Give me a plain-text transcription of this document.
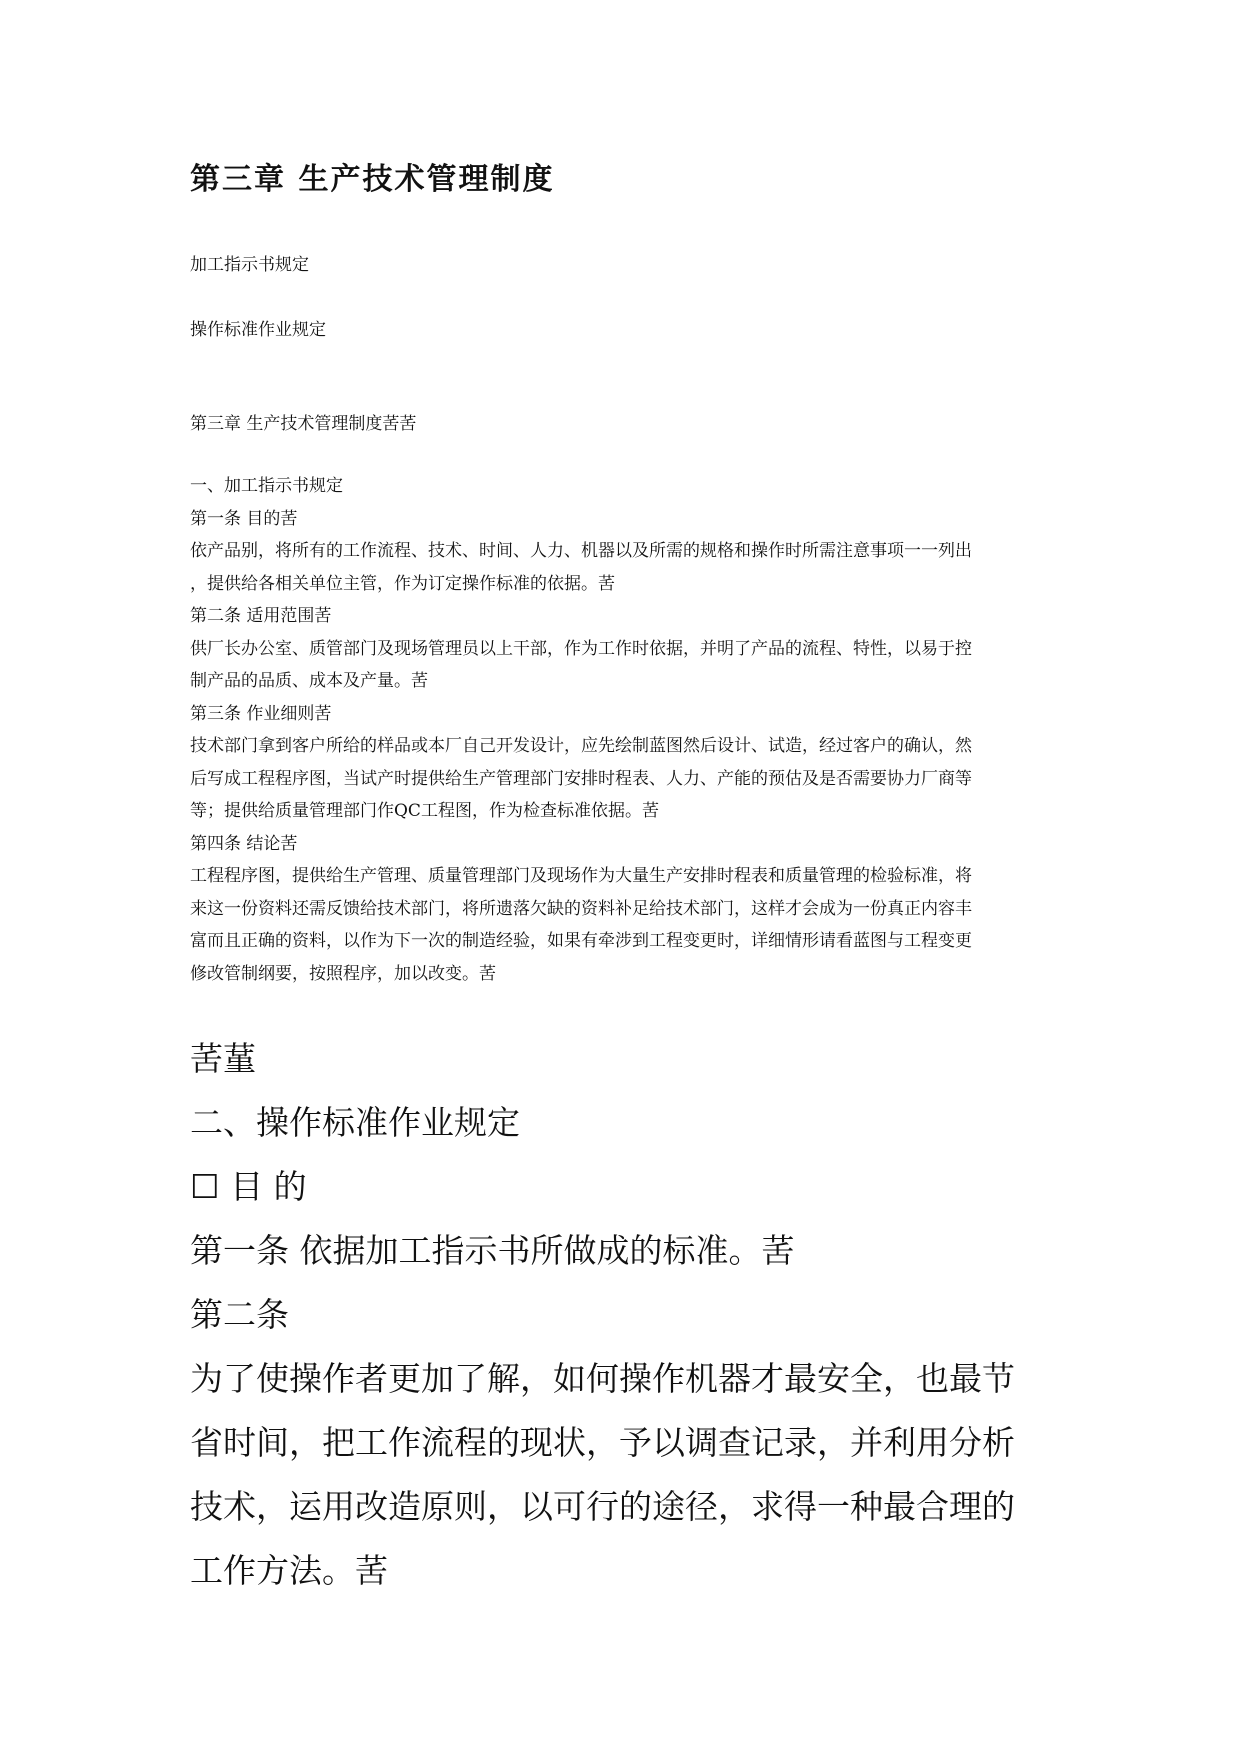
第三章 生产技术管理制度
加工指示书规定
操作标准作业规定
第三章 生产技术管理制度䒷䒷

一、加工指示书规定

第一条 目的䒷

依产品别，将所有的工作流程、技术、时间、人力、机器以及所需的规格和操作时所需注意事项一一列出

，提供给各相关单位主管，作为订定操作标准的依据。䒷

第二条 适用范围䒷

供厂长办公室、质管部门及现场管理员以上干部，作为工作时依据，并明了产品的流程、特性，以易于控

制产品的品质、成本及产量。䒷

第三条 作业细则䒷

技术部门拿到客户所给的样品或本厂自己开发设计，应先绘制蓝图然后设计、试造，经过客户的确认，然

后写成工程程序图，当试产时提供给生产管理部门安排时程表、人力、产能的预估及是否需要协力厂商等

等；提供给质量管理部门作QC工程图，作为检查标准依据。䒷

第四条 结论䒷

工程程序图，提供给生产管理、质量管理部门及现场作为大量生产安排时程表和质量管理的检验标准，将

来这一份资料还需反馈给技术部门，将所遗落欠缺的资料补足给技术部门，这样才会成为一份真正内容丰

富而且正确的资料，以作为下一次的制造经验，如果有牵涉到工程变更时，详细情形请看蓝图与工程变更

修改管制纲要，按照程序，加以改变。䒷

䒷蓳

二、操作标准作业规定

☐ 目 的

第一条 依据加工指示书所做成的标准。䒷

第二条

为了使操作者更加了解，如何操作机器才最安全，也最节

省时间，把工作流程的现状，予以调查记录，并利用分析

技术，运用改造原则，以可行的途径，求得一种最合理的

工作方法。䒷
